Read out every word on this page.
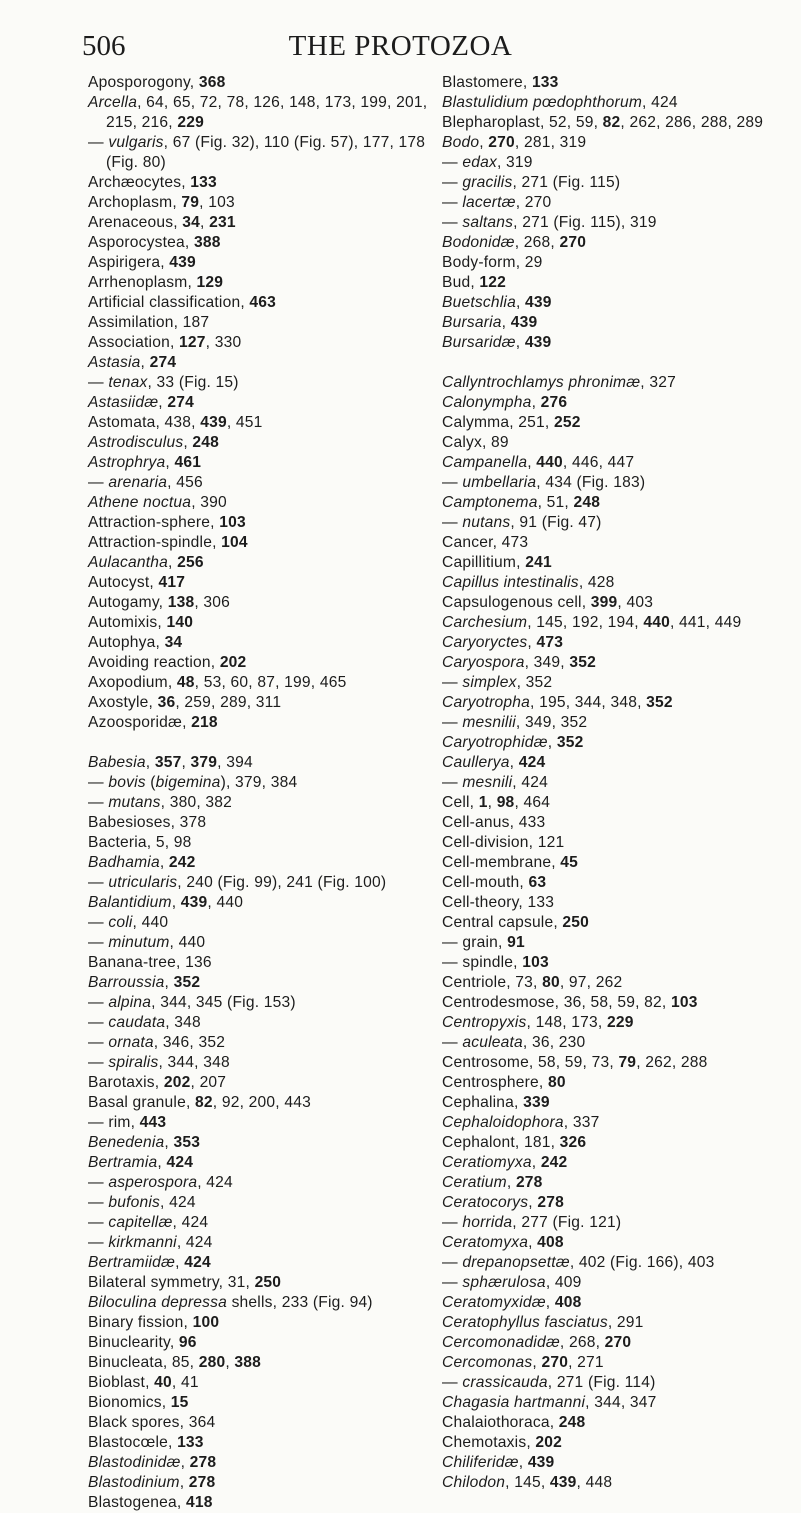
506	THE PROTOZOA
Aposporogony, 368
Arcella, 64, 65, 72, 78, 126, 148, 173, 199, 201, 215, 216, 229
— vulgaris, 67 (Fig. 32), 110 (Fig. 57), 177, 178 (Fig. 80)
Archæocytes, 133
Archoplasm, 79, 103
Arenaceous, 34, 231
Asporocystea, 388
Aspirigera, 439
Arrhenoplasm, 129
Artificial classification, 463
Assimilation, 187
Association, 127, 330
Astasia, 274
— tenax, 33 (Fig. 15)
Astasiidæ, 274
Astomata, 438, 439, 451
Astrodisculus, 248
Astrophrya, 461
— arenaria, 456
Athene noctua, 390
Attraction-sphere, 103
Attraction-spindle, 104
Aulacantha, 256
Autocyst, 417
Autogamy, 138, 306
Automixis, 140
Autophya, 34
Avoiding reaction, 202
Axopodium, 48, 53, 60, 87, 199, 465
Axostyle, 36, 259, 289, 311
Azoosporidæ, 218
Babesia, 357, 379, 394
— bovis (bigemina), 379, 384
— mutans, 380, 382
Babesioses, 378
Bacteria, 5, 98
Badhamia, 242
— utricularis, 240 (Fig. 99), 241 (Fig. 100)
Balantidium, 439, 440
— coli, 440
— minutum, 440
Banana-tree, 136
Barroussia, 352
— alpina, 344, 345 (Fig. 153)
— caudata, 348
— ornata, 346, 352
— spiralis, 344, 348
Barotaxis, 202, 207
Basal granule, 82, 92, 200, 443
— rim, 443
Benedenia, 353
Bertramia, 424
— asperospora, 424
— bufonis, 424
— capitellæ, 424
— kirkmanni, 424
Bertramiidæ, 424
Bilateral symmetry, 31, 250
Biloculina depressa shells, 233 (Fig. 94)
Binary fission, 100
Binuclearity, 96
Binucleata, 85, 280, 388
Bioblast, 40, 41
Bionomics, 15
Black spores, 364
Blastocœle, 133
Blastodinidæ, 278
Blastodinium, 278
Blastogenea, 418
Blastomere, 133
Blastulidium pœdophthorum, 424
Blepharoplast, 52, 59, 82, 262, 286, 288, 289
Bodo, 270, 281, 319
— edax, 319
— gracilis, 271 (Fig. 115)
— lacertæ, 270
— saltans, 271 (Fig. 115), 319
Bodonidæ, 268, 270
Body-form, 29
Bud, 122
Buetschlia, 439
Bursaria, 439
Bursaridæ, 439
Callyntrochlamys phronimæ, 327
Calonympha, 276
Calymma, 251, 252
Calyx, 89
Campanella, 440, 446, 447
— umbellaria, 434 (Fig. 183)
Camptonema, 51, 248
— nutans, 91 (Fig. 47)
Cancer, 473
Capillitium, 241
Capillus intestinalis, 428
Capsulogenous cell, 399, 403
Carchesium, 145, 192, 194, 440, 441, 449
Caryoryctes, 473
Caryospora, 349, 352
— simplex, 352
Caryotropha, 195, 344, 348, 352
— mesnilii, 349, 352
Caryotrophidæ, 352
Caullerya, 424
— mesnili, 424
Cell, 1, 98, 464
Cell-anus, 433
Cell-division, 121
Cell-membrane, 45
Cell-mouth, 63
Cell-theory, 133
Central capsule, 250
— grain, 91
— spindle, 103
Centriole, 73, 80, 97, 262
Centrodesmose, 36, 58, 59, 82, 103
Centropyxis, 148, 173, 229
— aculeata, 36, 230
Centrosome, 58, 59, 73, 79, 262, 288
Centrosphere, 80
Cephalina, 339
Cephaloidophora, 337
Cephalont, 181, 326
Ceratiomyxa, 242
Ceratium, 278
Ceratocorys, 278
— horrida, 277 (Fig. 121)
Ceratomyxa, 408
— drepanopsettæ, 402 (Fig. 166), 403
— sphærulosa, 409
Ceratomyxidæ, 408
Ceratophyllus fasciatus, 291
Cercomonadidæ, 268, 270
Cercomonas, 270, 271
— crassicauda, 271 (Fig. 114)
Chagasia hartmanni, 344, 347
Chalaiothoraca, 248
Chemotaxis, 202
Chiliferidæ, 439
Chilodon, 145, 439, 448
